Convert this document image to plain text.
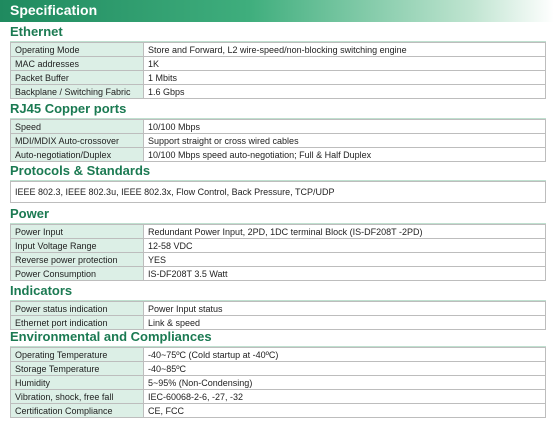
Specification
Ethernet
Operating Mode	Store and Forward, L2 wire-speed/non-blocking switching engine
MAC addresses	1K
Packet Buffer	1 Mbits
Backplane / Switching Fabric	1.6 Gbps
RJ45 Copper ports
Speed	10/100 Mbps
MDI/MDIX Auto-crossover	Support straight or cross wired cables
Auto-negotiation/Duplex	10/100 Mbps speed auto-negotiation; Full & Half Duplex
Protocols & Standards
IEEE 802.3, IEEE 802.3u, IEEE 802.3x, Flow Control, Back Pressure, TCP/UDP
Power
Power Input	Redundant Power Input, 2PD, 1DC terminal Block (IS-DF208T -2PD)
Input Voltage Range	12-58 VDC
Reverse power protection	YES
Power Consumption	IS-DF208T 3.5 Watt
Indicators
Power status indication	Power Input status
Ethernet port indication	Link & speed
Environmental and Compliances
Operating Temperature	-40~75ºC (Cold startup at -40ºC)
Storage Temperature	-40~85ºC
Humidity	5~95% (Non-Condensing)
Vibration, shock, free fall	IEC-60068-2-6, -27, -32
Certification Compliance	CE, FCC
